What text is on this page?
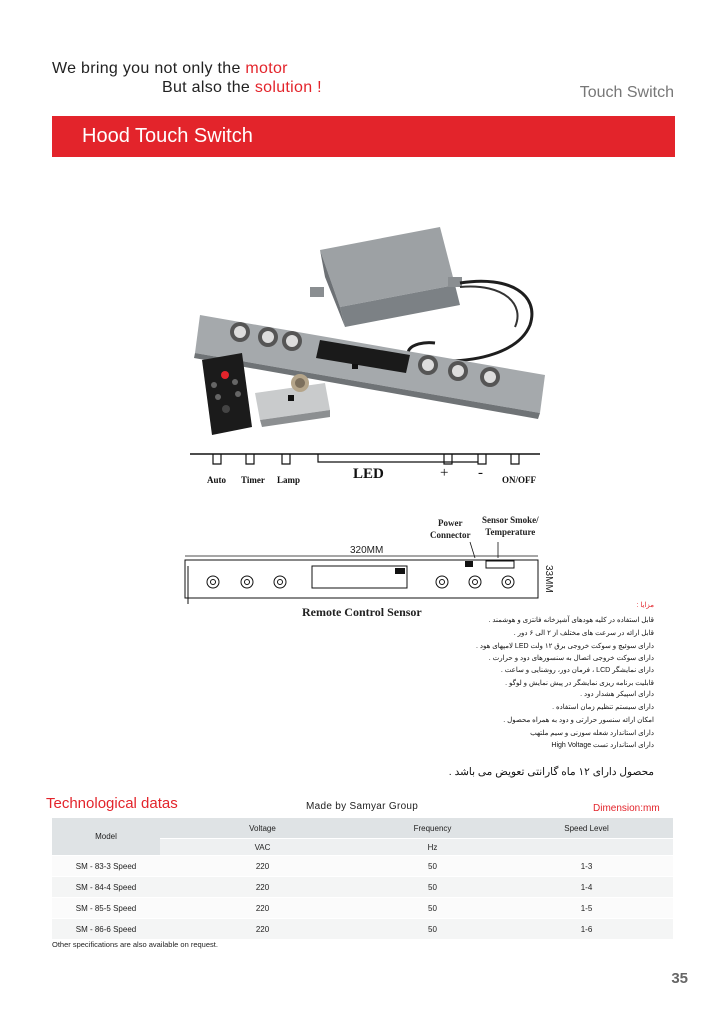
We bring you not only the motor
But also the solution !	Touch Switch
Hood Touch Switch
Auto Timer Lamp	LED	+ - ON/OFF
Power
Connector
Sensor Smoke/
Temperature
320MM
33MM
Remote Control Sensor	مزایا :
قابل استفاده در کلیه هودهای آشپزخانه فانتزی و هوشمند .
قابل ارائه در سرعت های مختلف از ۲ الی ۶ دور .
دارای سوئیچ و سوکت خروجی برق ۱۲ ولت LED لامپهای هود .
دارای سوکت خروجی اتصال به سنسورهای دود و حرارت .
دارای نمایشگر LCD ، فرمان دور، روشنایی و ساعت .
قابلیت برنامه ریزی نمایشگر در پیش نمایش و لوگو .
دارای اسپیکر هشدار دود .
دارای سیستم تنظیم زمان استفاده .
امکان ارائه سنسور حرارتی و دود به همراه محصول .
دارای استاندارد شعله سوزنی و سیم ملتهب
دارای استاندارد تست High Voltage
محصول دارای ۱۲ ماه گارانتی تعویض می باشد .
Technological datas	Made by Samyar Group	Dimension:mm
Model	Voltage	Frequency	Speed Level
	VAC	Hz	
SM - 83-3 Speed	220	50	1-3
SM - 84-4 Speed	220	50	1-4
SM - 85-5 Speed	220	50	1-5
SM - 86-6 Speed	220	50	1-6
Other specifications are also available on request.
35
